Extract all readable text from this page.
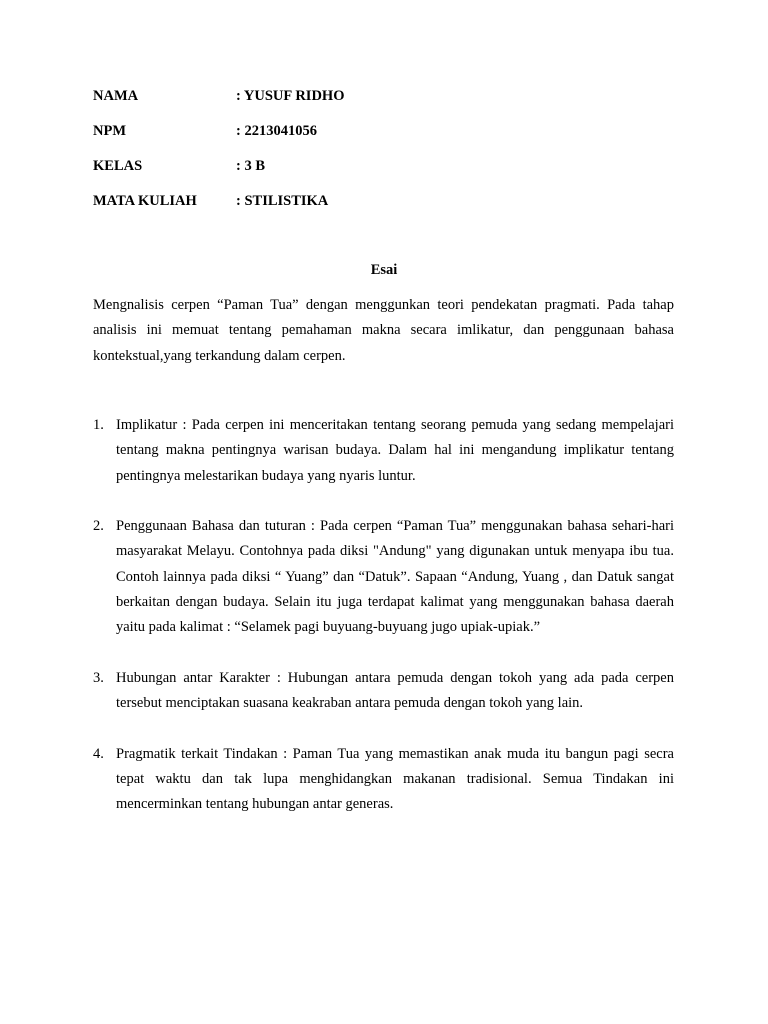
NAMA	: YUSUF RIDHO
NPM	: 2213041056
KELAS	: 3 B
MATA KULIAH	: STILISTIKA
Esai

Mengnalisis cerpen “Paman Tua” dengan menggunkan teori pendekatan pragmati. Pada tahap analisis ini memuat tentang pemahaman makna secara imlikatur, dan penggunaan bahasa kontekstual,yang terkandung dalam cerpen.

1. Implikatur : Pada cerpen ini menceritakan tentang seorang pemuda yang sedang mempelajari tentang makna pentingnya warisan budaya. Dalam hal ini mengandung implikatur tentang pentingnya melestarikan budaya yang nyaris luntur.
2. Penggunaan Bahasa dan tuturan : Pada cerpen “Paman Tua” menggunakan bahasa sehari-hari masyarakat Melayu. Contohnya pada diksi "Andung" yang digunakan untuk menyapa ibu tua. Contoh lainnya pada diksi “ Yuang” dan “Datuk”. Sapaan “Andung, Yuang , dan Datuk sangat berkaitan dengan budaya. Selain itu juga terdapat kalimat yang menggunakan bahasa daerah yaitu pada kalimat : “Selamek pagi buyuang-buyuang jugo upiak-upiak.”
3. Hubungan antar Karakter : Hubungan antara pemuda dengan tokoh yang ada pada cerpen tersebut menciptakan suasana keakraban antara pemuda dengan tokoh yang lain.
4. Pragmatik terkait Tindakan : Paman Tua yang memastikan anak muda itu bangun pagi secra tepat waktu dan tak lupa menghidangkan makanan tradisional. Semua Tindakan ini mencerminkan tentang hubungan antar generas.
